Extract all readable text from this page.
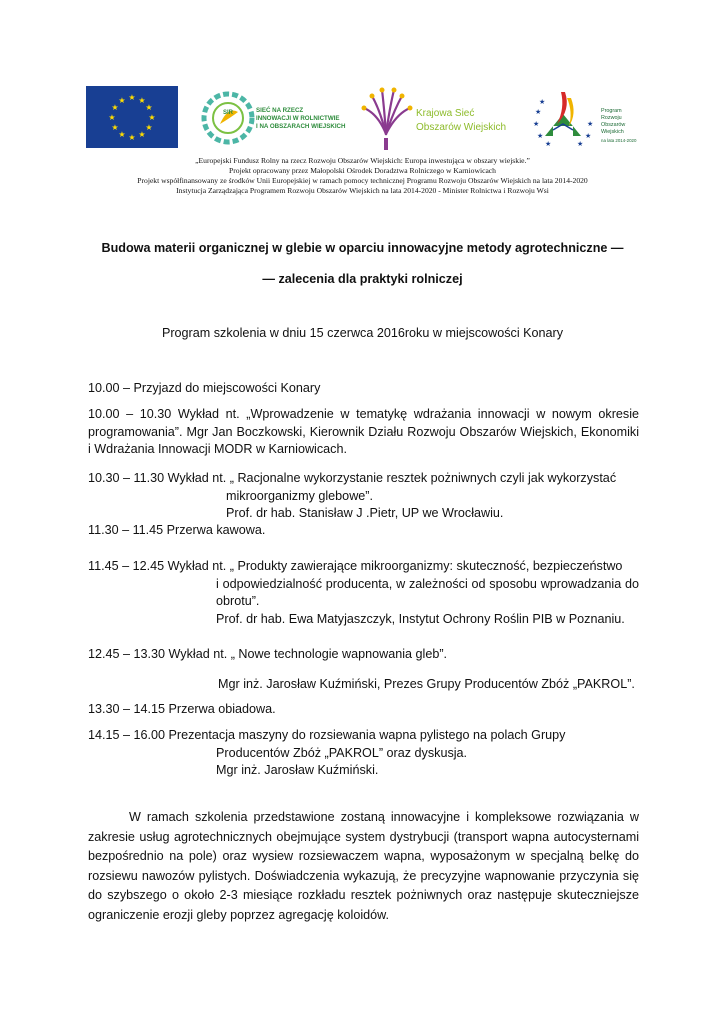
★ ★
★
★
★
★
★
★
★
★
★
★
SIR	SIEĆ NA RZECZ
INNOWACJI W ROLNICTWIE
I NA OBSZARACH WIEJSKICH
Krajowa Sieć
Obszarów Wiejskich
★
★
★
★	★
★
★
★
Program
Rozwoju
Obszarów
Wiejskich
na lata 2014-2020
„Europejski Fundusz Rolny na rzecz Rozwoju Obszarów Wiejskich: Europa inwestująca w obszary wiejskie.”
Projekt opracowany przez Małopolski Ośrodek Doradztwa Rolniczego w Karniowicach
Projekt współfinansowany ze środków Unii Europejskiej w ramach pomocy technicznej Programu Rozwoju Obszarów Wiejskich na lata 2014-2020
Instytucja Zarządzająca Programem Rozwoju Obszarów Wiejskich na lata 2014-2020 - Minister Rolnictwa i Rozwoju Wsi
Budowa materii organicznej w glebie w oparciu innowacyjne metody agrotechniczne —
— zalecenia dla praktyki rolniczej
Program szkolenia w dniu 15 czerwca 2016roku w miejscowości Konary

10.00 – Przyjazd do miejscowości Konary

10.00 – 10.30 Wykład nt. „Wprowadzenie w tematykę wdrażania innowacji w nowym okresie programowania”. Mgr Jan Boczkowski, Kierownik Działu Rozwoju Obszarów Wiejskich, Ekonomiki i Wdrażania Innowacji MODR w Karniowicach.

10.30 – 11.30 Wykład nt. „ Racjonalne wykorzystanie resztek pożniwnych czyli jak wykorzystać

mikroorganizmy glebowe”.

Prof. dr hab. Stanisław J .Pietr, UP we Wrocławiu.

11.30 – 11.45 Przerwa kawowa.

11.45 – 12.45 Wykład nt. „ Produkty zawierające mikroorganizmy: skuteczność, bezpieczeństwo

i odpowiedzialność producenta, w zależności od sposobu wprowadzania do obrotu”.

Prof. dr hab. Ewa Matyjaszczyk, Instytut Ochrony Roślin PIB w Poznaniu.

12.45 – 13.30 Wykład nt. „ Nowe technologie wapnowania gleb”.

Mgr inż. Jarosław Kuźmiński, Prezes Grupy Producentów Zbóż „PAKROL”.

13.30 – 14.15 Przerwa obiadowa.

14.15 – 16.00 Prezentacja maszyny do rozsiewania wapna pylistego na polach Grupy

Producentów Zbóż „PAKROL” oraz dyskusja.

Mgr inż. Jarosław Kuźmiński.

W ramach szkolenia przedstawione zostaną innowacyjne i kompleksowe rozwiązania w zakresie usług agrotechnicznych obejmujące system dystrybucji (transport wapna autocysternami bezpośrednio na pole) oraz wysiew rozsiewaczem wapna, wyposażonym w specjalną belkę do rozsiewu nawozów pylistych. Doświadczenia wykazują, że precyzyjne wapnowanie przyczynia się do szybszego o około 2-3 miesiące rozkładu resztek pożniwnych oraz następuje skuteczniejsze ograniczenie erozji gleby poprzez agregację koloidów.
